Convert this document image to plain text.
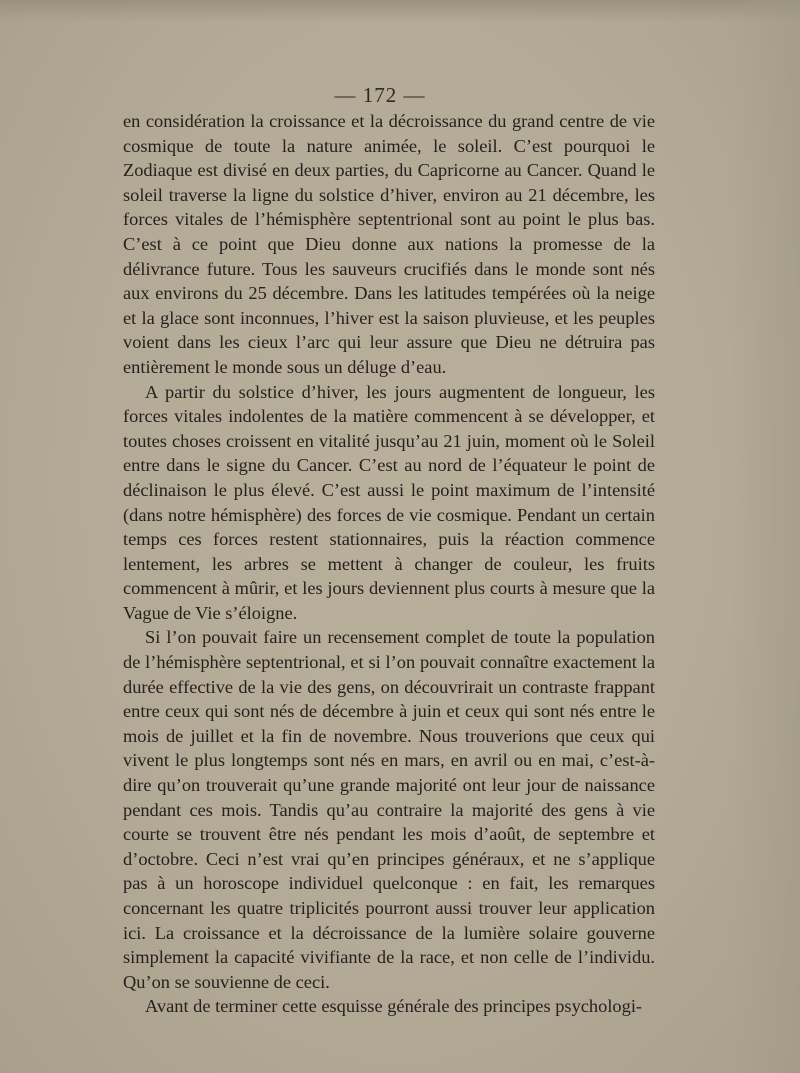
— 172 —

en considération la croissance et la décroissance du grand centre de vie cosmique de toute la nature animée, le soleil. C’est pourquoi le Zodiaque est divisé en deux parties, du Capricorne au Cancer. Quand le soleil traverse la ligne du solstice d’hiver, environ au 21 décembre, les forces vitales de l’hémisphère septentrional sont au point le plus bas. C’est à ce point que Dieu donne aux nations la promesse de la délivrance future. Tous les sauveurs crucifiés dans le monde sont nés aux environs du 25 décembre. Dans les latitudes tempérées où la neige et la glace sont inconnues, l’hiver est la saison pluvieuse, et les peuples voient dans les cieux l’arc qui leur assure que Dieu ne détruira pas entièrement le monde sous un déluge d’eau.

A partir du solstice d’hiver, les jours augmentent de longueur, les forces vitales indolentes de la matière commencent à se développer, et toutes choses croissent en vitalité jusqu’au 21 juin, moment où le Soleil entre dans le signe du Cancer. C’est au nord de l’équateur le point de déclinaison le plus élevé. C’est aussi le point maximum de l’intensité (dans notre hémisphère) des forces de vie cosmique. Pendant un certain temps ces forces restent stationnaires, puis la réaction commence lentement, les arbres se mettent à changer de couleur, les fruits commencent à mûrir, et les jours deviennent plus courts à mesure que la Vague de Vie s’éloigne.

Si l’on pouvait faire un recensement complet de toute la population de l’hémisphère septentrional, et si l’on pouvait connaître exactement la durée effective de la vie des gens, on découvrirait un contraste frappant entre ceux qui sont nés de décembre à juin et ceux qui sont nés entre le mois de juillet et la fin de novembre. Nous trouverions que ceux qui vivent le plus longtemps sont nés en mars, en avril ou en mai, c’est-à-dire qu’on trouverait qu’une grande majorité ont leur jour de naissance pendant ces mois. Tandis qu’au contraire la majorité des gens à vie courte se trouvent être nés pendant les mois d’août, de septembre et d’octobre. Ceci n’est vrai qu’en principes généraux, et ne s’applique pas à un horoscope individuel quelconque : en fait, les remarques concernant les quatre triplicités pourront aussi trouver leur application ici. La croissance et la décroissance de la lumière solaire gouverne simplement la capacité vivifiante de la race, et non celle de l’individu. Qu’on se souvienne de ceci.

Avant de terminer cette esquisse générale des principes psychologi-
